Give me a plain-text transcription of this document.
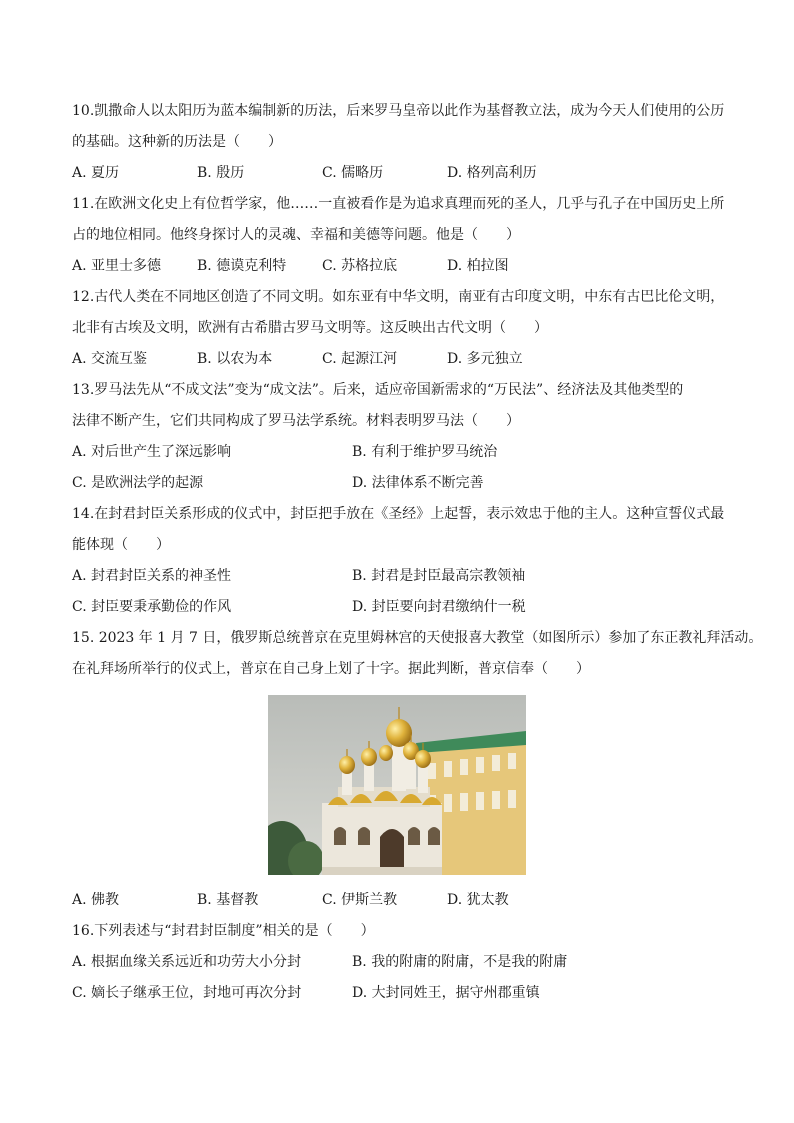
10.凯撒命人以太阳历为蓝本编制新的历法，后来罗马皇帝以此作为基督教立法，成为今天人们使用的公历
的基础。这种新的历法是（　　）
A. 夏历	B. 殷历	C. 儒略历	D. 格列高利历
11.在欧洲文化史上有位哲学家，他……一直被看作是为追求真理而死的圣人，几乎与孔子在中国历史上所
占的地位相同。他终身探讨人的灵魂、幸福和美德等问题。他是（　　）
A. 亚里士多德	B. 德谟克利特	C. 苏格拉底	D. 柏拉图
12.古代人类在不同地区创造了不同文明。如东亚有中华文明，南亚有古印度文明，中东有古巴比伦文明，
北非有古埃及文明，欧洲有古希腊古罗马文明等。这反映出古代文明（　　）
A. 交流互鉴	B. 以农为本	C. 起源江河	D. 多元独立
13.罗马法先从“不成文法”变为“成文法”。后来，适应帝国新需求的“万民法”、经济法及其他类型的
法律不断产生，它们共同构成了罗马法学系统。材料表明罗马法（　　）
A. 对后世产生了深远影响	B. 有利于维护罗马统治
C. 是欧洲法学的起源	D. 法律体系不断完善
14.在封君封臣关系形成的仪式中，封臣把手放在《圣经》上起誓，表示效忠于他的主人。这种宣誓仪式最
能体现（　　）
A. 封君封臣关系的神圣性	B. 封君是封臣最高宗教领袖
C. 封臣要秉承勤俭的作风	D. 封臣要向封君缴纳什一税
15. 2023 年 1 月 7 日，俄罗斯总统普京在克里姆林宫的天使报喜大教堂（如图所示）参加了东正教礼拜活动。
在礼拜场所举行的仪式上，普京在自己身上划了十字。据此判断，普京信奉（　　）
A. 佛教	B. 基督教	C. 伊斯兰教	D. 犹太教
16.下列表述与“封君封臣制度”相关的是（　　）
A. 根据血缘关系远近和功劳大小分封	B. 我的附庸的附庸，不是我的附庸
C. 嫡长子继承王位，封地可再次分封	D. 大封同姓王，据守州郡重镇
